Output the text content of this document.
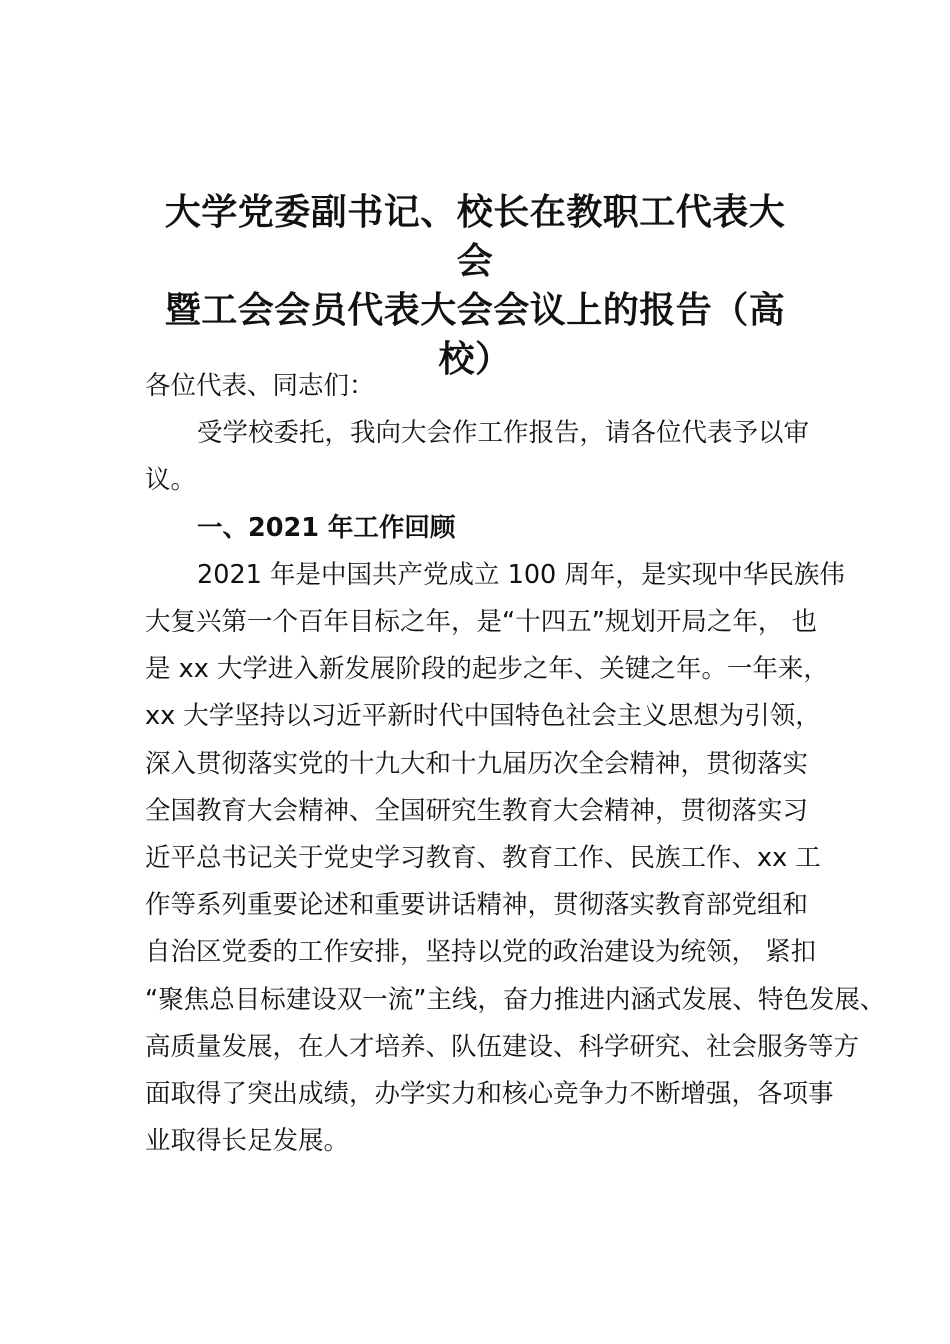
大学党委副书记、校长在教职工代表大会
暨工会会员代表大会会议上的报告（高
校）
各位代表、同志们：
受学校委托，我向大会作工作报告，请各位代表予以审
议。
一、2021 年工作回顾
2021 年是中国共产党成立 100 周年，是实现中华民族伟
大复兴第一个百年目标之年，是“十四五”规划开局之年， 也
是 xx 大学进入新发展阶段的起步之年、关键之年。一年来，
xx 大学坚持以习近平新时代中国特色社会主义思想为引领，
深入贯彻落实党的十九大和十九届历次全会精神，贯彻落实
全国教育大会精神、全国研究生教育大会精神，贯彻落实习
近平总书记关于党史学习教育、教育工作、民族工作、xx 工
作等系列重要论述和重要讲话精神，贯彻落实教育部党组和
自治区党委的工作安排，坚持以党的政治建设为统领， 紧扣
“聚焦总目标建设双一流”主线，奋力推进内涵式发展、特色发展、
高质量发展，在人才培养、队伍建设、科学研究、社会服务等方
面取得了突出成绩，办学实力和核心竞争力不断增强，各项事
业取得长足发展。
